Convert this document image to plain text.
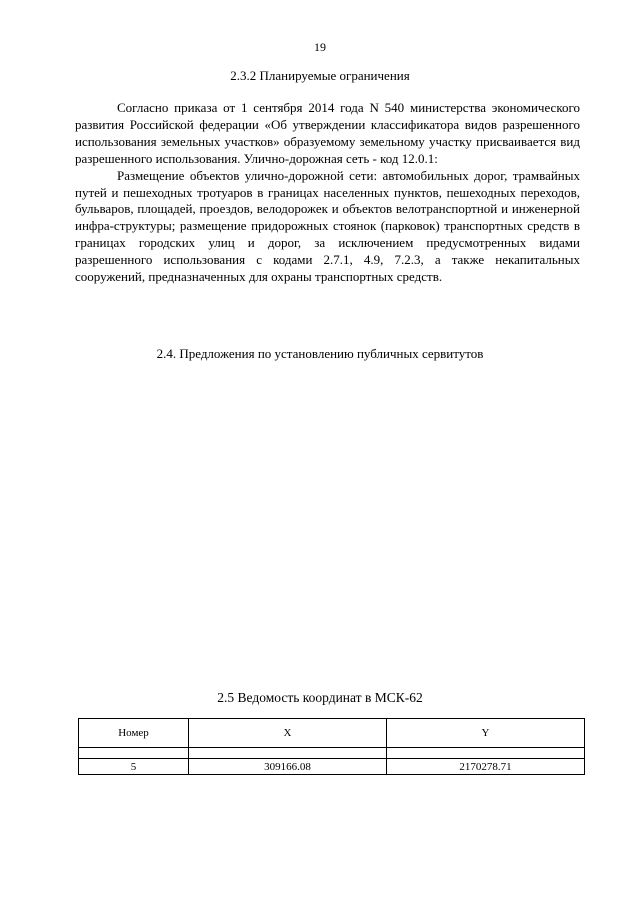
19
2.3.2 Планируемые ограничения

Согласно приказа от 1 сентября 2014 года N 540 министерства экономического развития Российской федерации «Об утверждении классификатора видов разрешенного использования земельных участков» образуемому земельному участку присваивается вид разрешенного использования. Улично-дорожная сеть - код 12.0.1:

Размещение объектов улично-дорожной сети: автомобильных дорог, трамвайных путей и пешеходных тротуаров в границах населенных пунктов, пешеходных переходов, бульваров, площадей, проездов, велодорожек и объектов велотранспортной и инженерной инфра-структуры; размещение придорожных стоянок (парковок) транспортных средств в границах городских улиц и дорог, за исключением предусмотренных видами разрешенного использования с кодами 2.7.1, 4.9, 7.2.3, а также некапитальных сооружений, предназначенных для охраны транспортных средств.

2.4. Предложения по установлению публичных сервитутов
2.5 Ведомость координат в МСК-62
Номер	X	Y

5	309166.08	2170278.71
